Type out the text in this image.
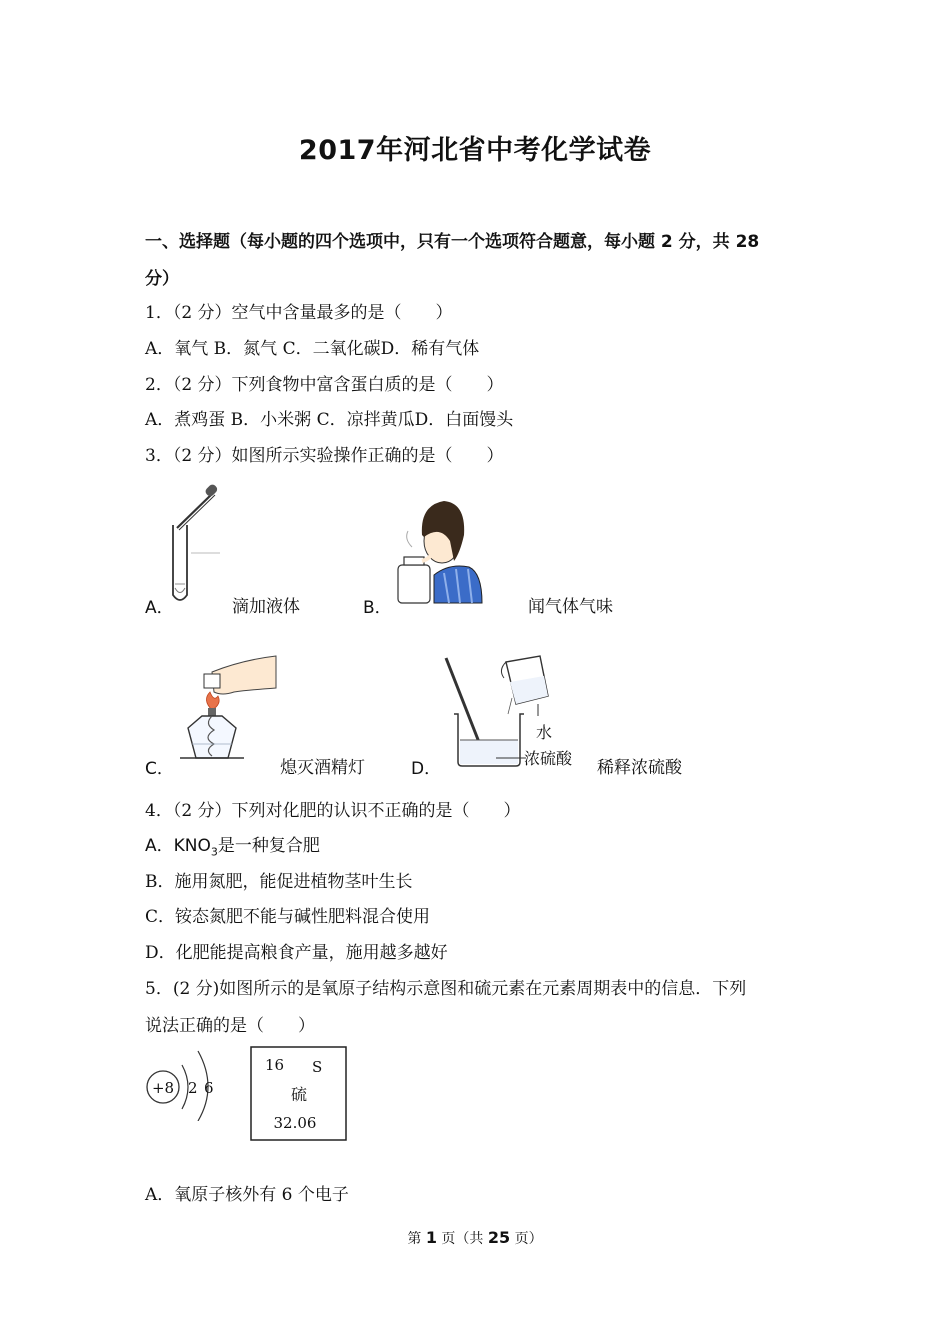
2017年河北省中考化学试卷
一、选择题（每小题的四个选项中，只有一个选项符合题意，每小题 2 分，共 28
分）
1．（2 分）空气中含量最多的是（　　）
A．氧气 B．氮气 C．二氧化碳D．稀有气体
2．（2 分）下列食物中富含蛋白质的是（　　）
A．煮鸡蛋 B．小米粥 C．凉拌黄瓜D．白面馒头
3．（2 分）如图所示实验操作正确的是（　　）
A．	滴加液体	B．	闻气体气味
C．	熄灭酒精灯	D．
水
浓硫酸 稀释浓硫酸
4．（2 分）下列对化肥的认识不正确的是（　　）
A．$KNO_3$是一种复合肥
B．施用氮肥，能促进植物茎叶生长
C．铵态氮肥不能与碱性肥料混合使用
D．化肥能提高粮食产量，施用越多越好
5．(2 分)如图所示的是氧原子结构示意图和硫元素在元素周期表中的信息．下列
说法正确的是（　　）
+8 2 6
16 S
硫
32.06
A．氧原子核外有 6 个电子
第 1 页（共 25 页）
